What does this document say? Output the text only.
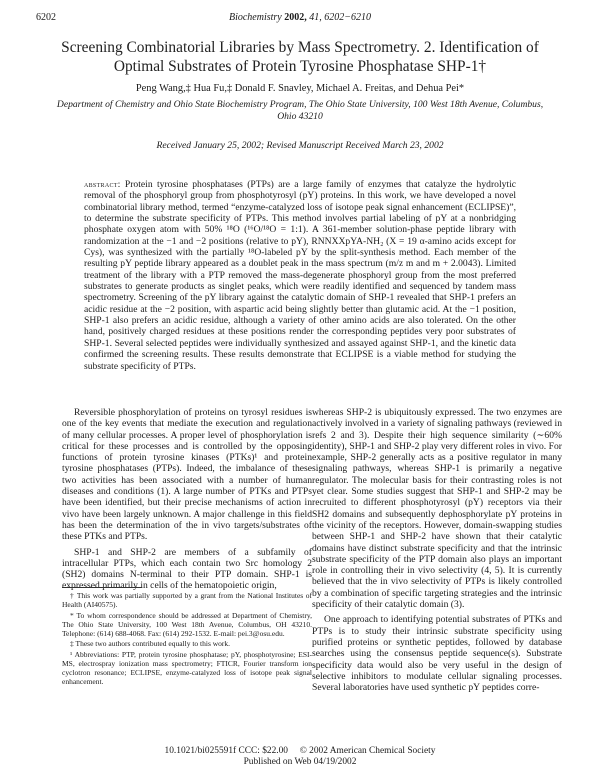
6202	Biochemistry 2002, 41, 6202−6210
Screening Combinatorial Libraries by Mass Spectrometry. 2. Identification of Optimal Substrates of Protein Tyrosine Phosphatase SHP-1†
Peng Wang,‡ Hua Fu,‡ Donald F. Snavley, Michael A. Freitas, and Dehua Pei*
Department of Chemistry and Ohio State Biochemistry Program, The Ohio State University, 100 West 18th Avenue, Columbus, Ohio 43210
Received January 25, 2002; Revised Manuscript Received March 23, 2002
abstract: Protein tyrosine phosphatases (PTPs) are a large family of enzymes that catalyze the hydrolytic removal of the phosphoryl group from phosphotyrosyl (pY) proteins. In this work, we have developed a novel combinatorial library method, termed “enzyme-catalyzed loss of isotope peak signal enhancement (ECLIPSE)”, to determine the substrate specificity of PTPs. This method involves partial labeling of pY at a nonbridging phosphate oxygen atom with 50% ¹⁸O (¹⁶O/¹⁸O = 1:1). A 361-member solution-phase peptide library with randomization at the −1 and −2 positions (relative to pY), RNNXXpYA-NH₂ (X = 19 α-amino acids except for Cys), was synthesized with the partially ¹⁸O-labeled pY by the split-synthesis method. Each member of the resulting pY peptide library appeared as a doublet peak in the mass spectrum (m/z m and m + 2.0043). Limited treatment of the library with a PTP removed the mass-degenerate phosphoryl group from the most preferred substrates to generate products as singlet peaks, which were readily identified and sequenced by tandem mass spectrometry. Screening of the pY library against the catalytic domain of SHP-1 revealed that SHP-1 prefers an acidic residue at the −2 position, with aspartic acid being slightly better than glutamic acid. At the −1 position, SHP-1 also prefers an acidic residue, although a variety of other amino acids are also tolerated. On the other hand, positively charged residues at these positions render the corresponding peptides very poor substrates of SHP-1. Several selected peptides were individually synthesized and assayed against SHP-1, and the kinetic data confirmed the screening results. These results demonstrate that ECLIPSE is a viable method for studying the substrate specificity of PTPs.

Reversible phosphorylation of proteins on tyrosyl residues is one of the key events that mediate the execution and regulation of many cellular processes. A proper level of phosphorylation is critical for these processes and is controlled by the opposing functions of protein tyrosine kinases (PTKs)¹ and protein tyrosine phosphatases (PTPs). Indeed, the imbalance of these two activities has been associated with a number of human diseases and conditions (1). A large number of PTKs and PTPs have been identified, but their precise mechanisms of action in vivo have been largely unknown. A major challenge in this field has been the determination of the in vivo targets/substrates of these PTKs and PTPs.

SHP-1 and SHP-2 are members of a subfamily of intracellular PTPs, which each contain two Src homology 2 (SH2) domains N-terminal to their PTP domain. SHP-1 is expressed primarily in cells of the hematopoietic origin,

† This work was partially supported by a grant from the National Institutes of Health (AI40575).

* To whom correspondence should be addressed at Department of Chemistry, The Ohio State University, 100 West 18th Avenue, Columbus, OH 43210. Telephone: (614) 688-4068. Fax: (614) 292-1532. E-mail: pei.3@osu.edu.

‡ These two authors contributed equally to this work.

¹ Abbreviations: PTP, protein tyrosine phosphatase; pY, phosphotyrosine; ESI-MS, electrospray ionization mass spectrometry; FTICR, Fourier transform ion cyclotron resonance; ECLIPSE, enzyme-catalyzed loss of isotope peak signal enhancement.

whereas SHP-2 is ubiquitously expressed. The two enzymes are actively involved in a variety of signaling pathways (reviewed in refs 2 and 3). Despite their high sequence similarity (∼60% identity), SHP-1 and SHP-2 play very different roles in vivo. For example, SHP-2 generally acts as a positive regulator in many signaling pathways, whereas SHP-1 is primarily a negative regulator. The molecular basis for their contrasting roles is not yet clear. Some studies suggest that SHP-1 and SHP-2 may be recruited to different phosphotyrosyl (pY) receptors via their SH2 domains and subsequently dephosphorylate pY proteins in the vicinity of the receptors. However, domain-swapping studies between SHP-1 and SHP-2 have shown that their catalytic domains have distinct substrate specificity and that the intrinsic substrate specificity of the PTP domain also plays an important role in controlling their in vivo selectivity (4, 5). It is currently believed that the in vivo selectivity of PTPs is likely controlled by a combination of specific targeting strategies and the intrinsic specificity of their catalytic domain (3).

One approach to identifying potential substrates of PTKs and PTPs is to study their intrinsic substrate specificity using purified proteins or synthetic peptides, followed by database searches using the consensus peptide sequence(s). Substrate specificity data would also be very useful in the design of selective inhibitors to modulate cellular signaling processes. Several laboratories have used synthetic pY peptides corre-

10.1021/bi025591f CCC: $22.00     © 2002 American Chemical Society
Published on Web 04/19/2002
